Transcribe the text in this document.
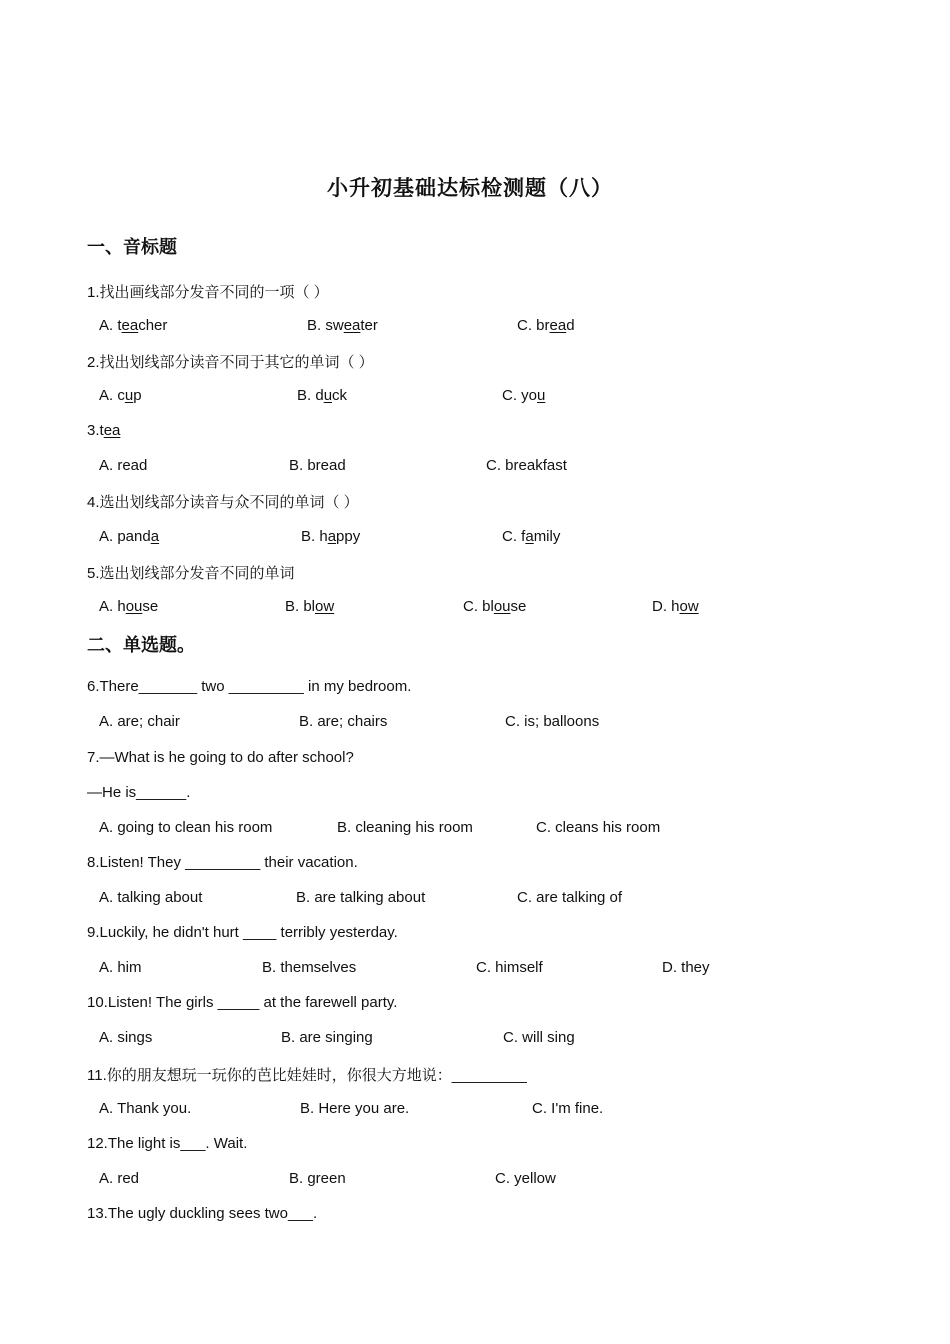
小升初基础达标检测题（八）
一、音标题

1.找出画线部分发音不同的一项（ ）

A. teacher	B. sweater	C. bread

2.找出划线部分读音不同于其它的单词（ ）

A. cup	B. duck	C. you

3.tea

A. read	B. bread	C. breakfast

4.选出划线部分读音与众不同的单词（ ）

A. panda	B. happy	C. family

5.选出划线部分发音不同的单词

A. house	B. blow	C. blouse	D. how

二、单选题。

6.There_______ two _________ in my bedroom.

A. are; chair	B. are; chairs	C. is; balloons

7.—What is he going to do after school?

—He is______.

A. going to clean his room	B. cleaning his room	C. cleans his room

8.Listen! They _________ their vacation.

A. talking about	B. are talking about	C. are talking of

9.Luckily, he didn't hurt ____ terribly yesterday.

A. him	B. themselves	C. himself	D. they

10.Listen! The girls _____ at the farewell party.

A. sings	B. are singing	C. will sing

11.你的朋友想玩一玩你的芭比娃娃时，你很大方地说：_________

A. Thank you.	B. Here you are.	C. I'm fine.

12.The light is___. Wait.

A. red	B. green	C. yellow

13.The ugly duckling sees two___.
